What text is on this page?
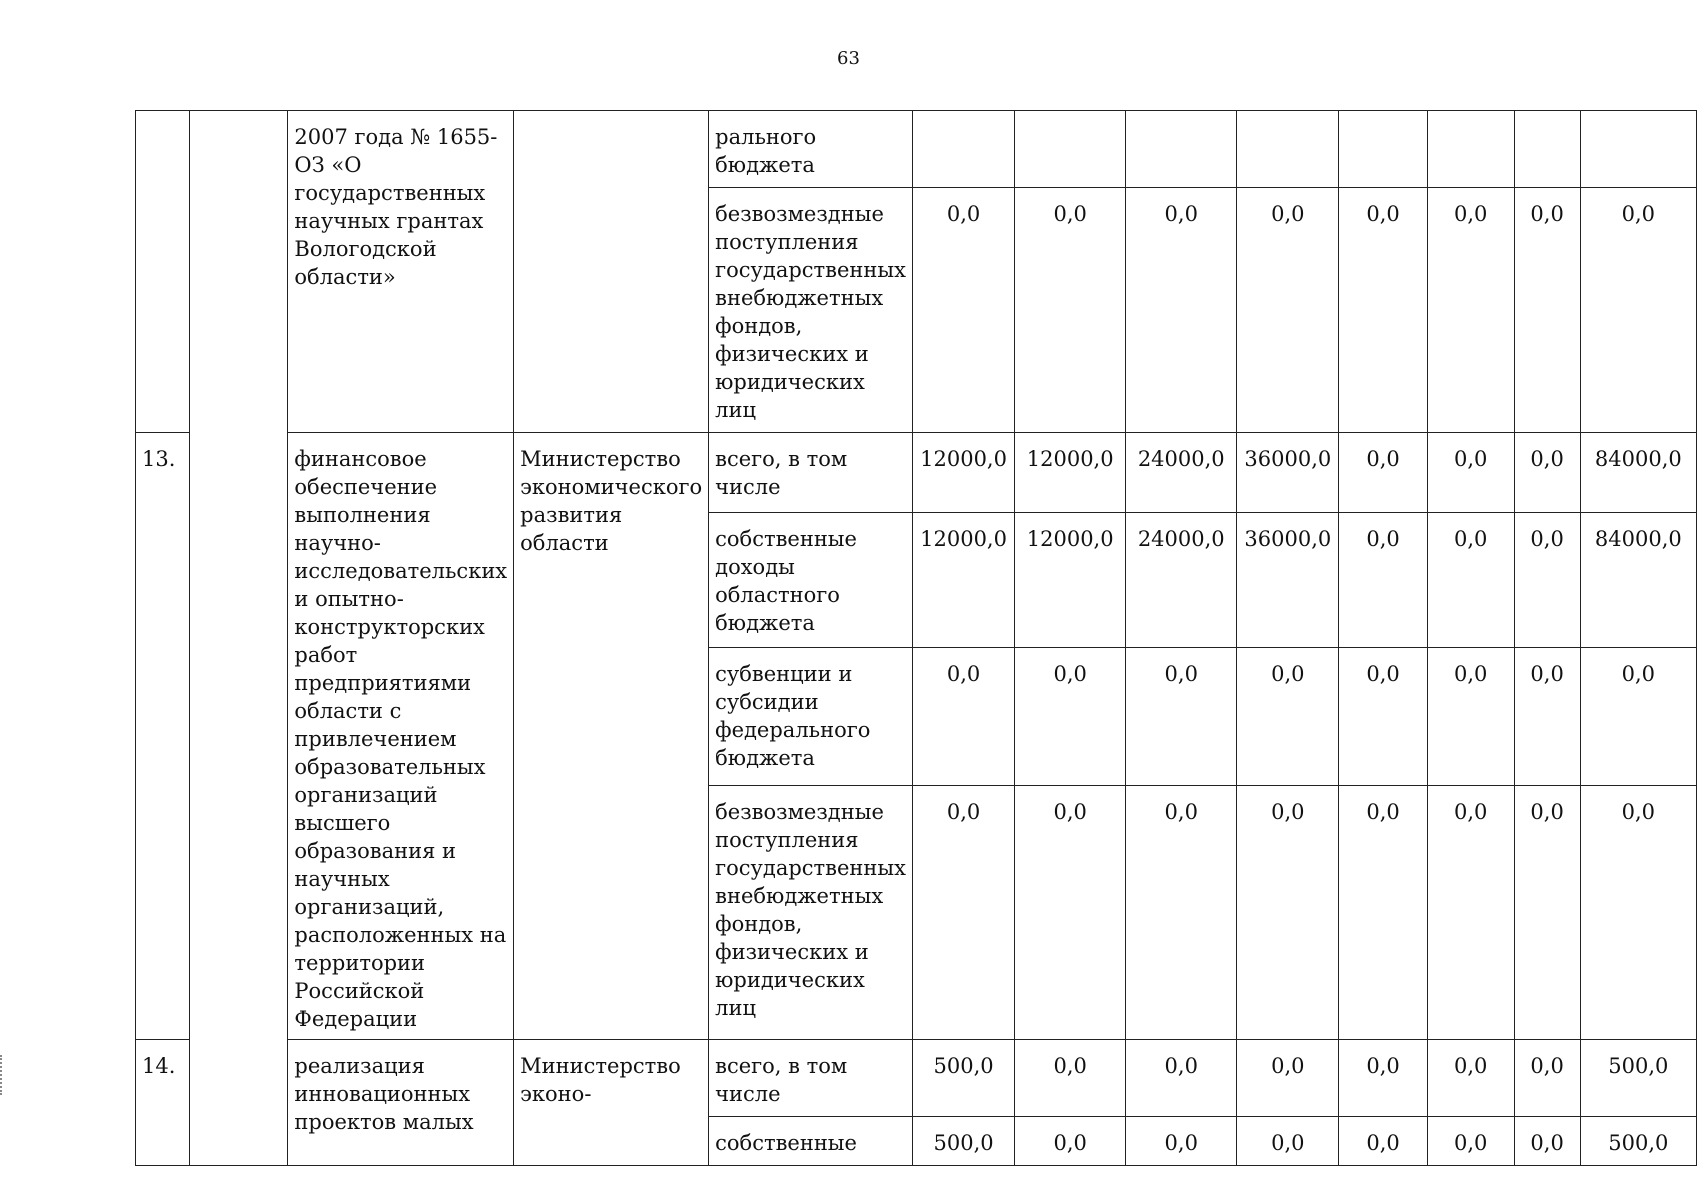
63
		2007 года № 1655-ОЗ «О государственных научных грантах Вологодской области»		рального бюджета								
				безвозмездные поступления государственных внебюджетных фондов, физических и юридических лиц	0,0	0,0	0,0	0,0	0,0	0,0	0,0	0,0
13.		финансовое обеспечение выполнения научно-исследовательских и опытно-конструкторских работ предприятиями области с привлечением образовательных организаций высшего образования и научных организаций, расположенных на территории Российской Федерации	Министерство экономического развития области	всего, в том числе	12000,0	12000,0	24000,0	36000,0	0,0	0,0	0,0	84000,0
				собственные доходы областного бюджета	12000,0	12000,0	24000,0	36000,0	0,0	0,0	0,0	84000,0
				субвенции и субсидии федерального бюджета	0,0	0,0	0,0	0,0	0,0	0,0	0,0	0,0
				безвозмездные поступления государственных внебюджетных фондов, физических и юридических лиц	0,0	0,0	0,0	0,0	0,0	0,0	0,0	0,0
14.		реализация инновационных проектов малых	Министерство эконо-	всего, в том числе	500,0	0,0	0,0	0,0	0,0	0,0	0,0	500,0
				собственные	500,0	0,0	0,0	0,0	0,0	0,0	0,0	500,0
